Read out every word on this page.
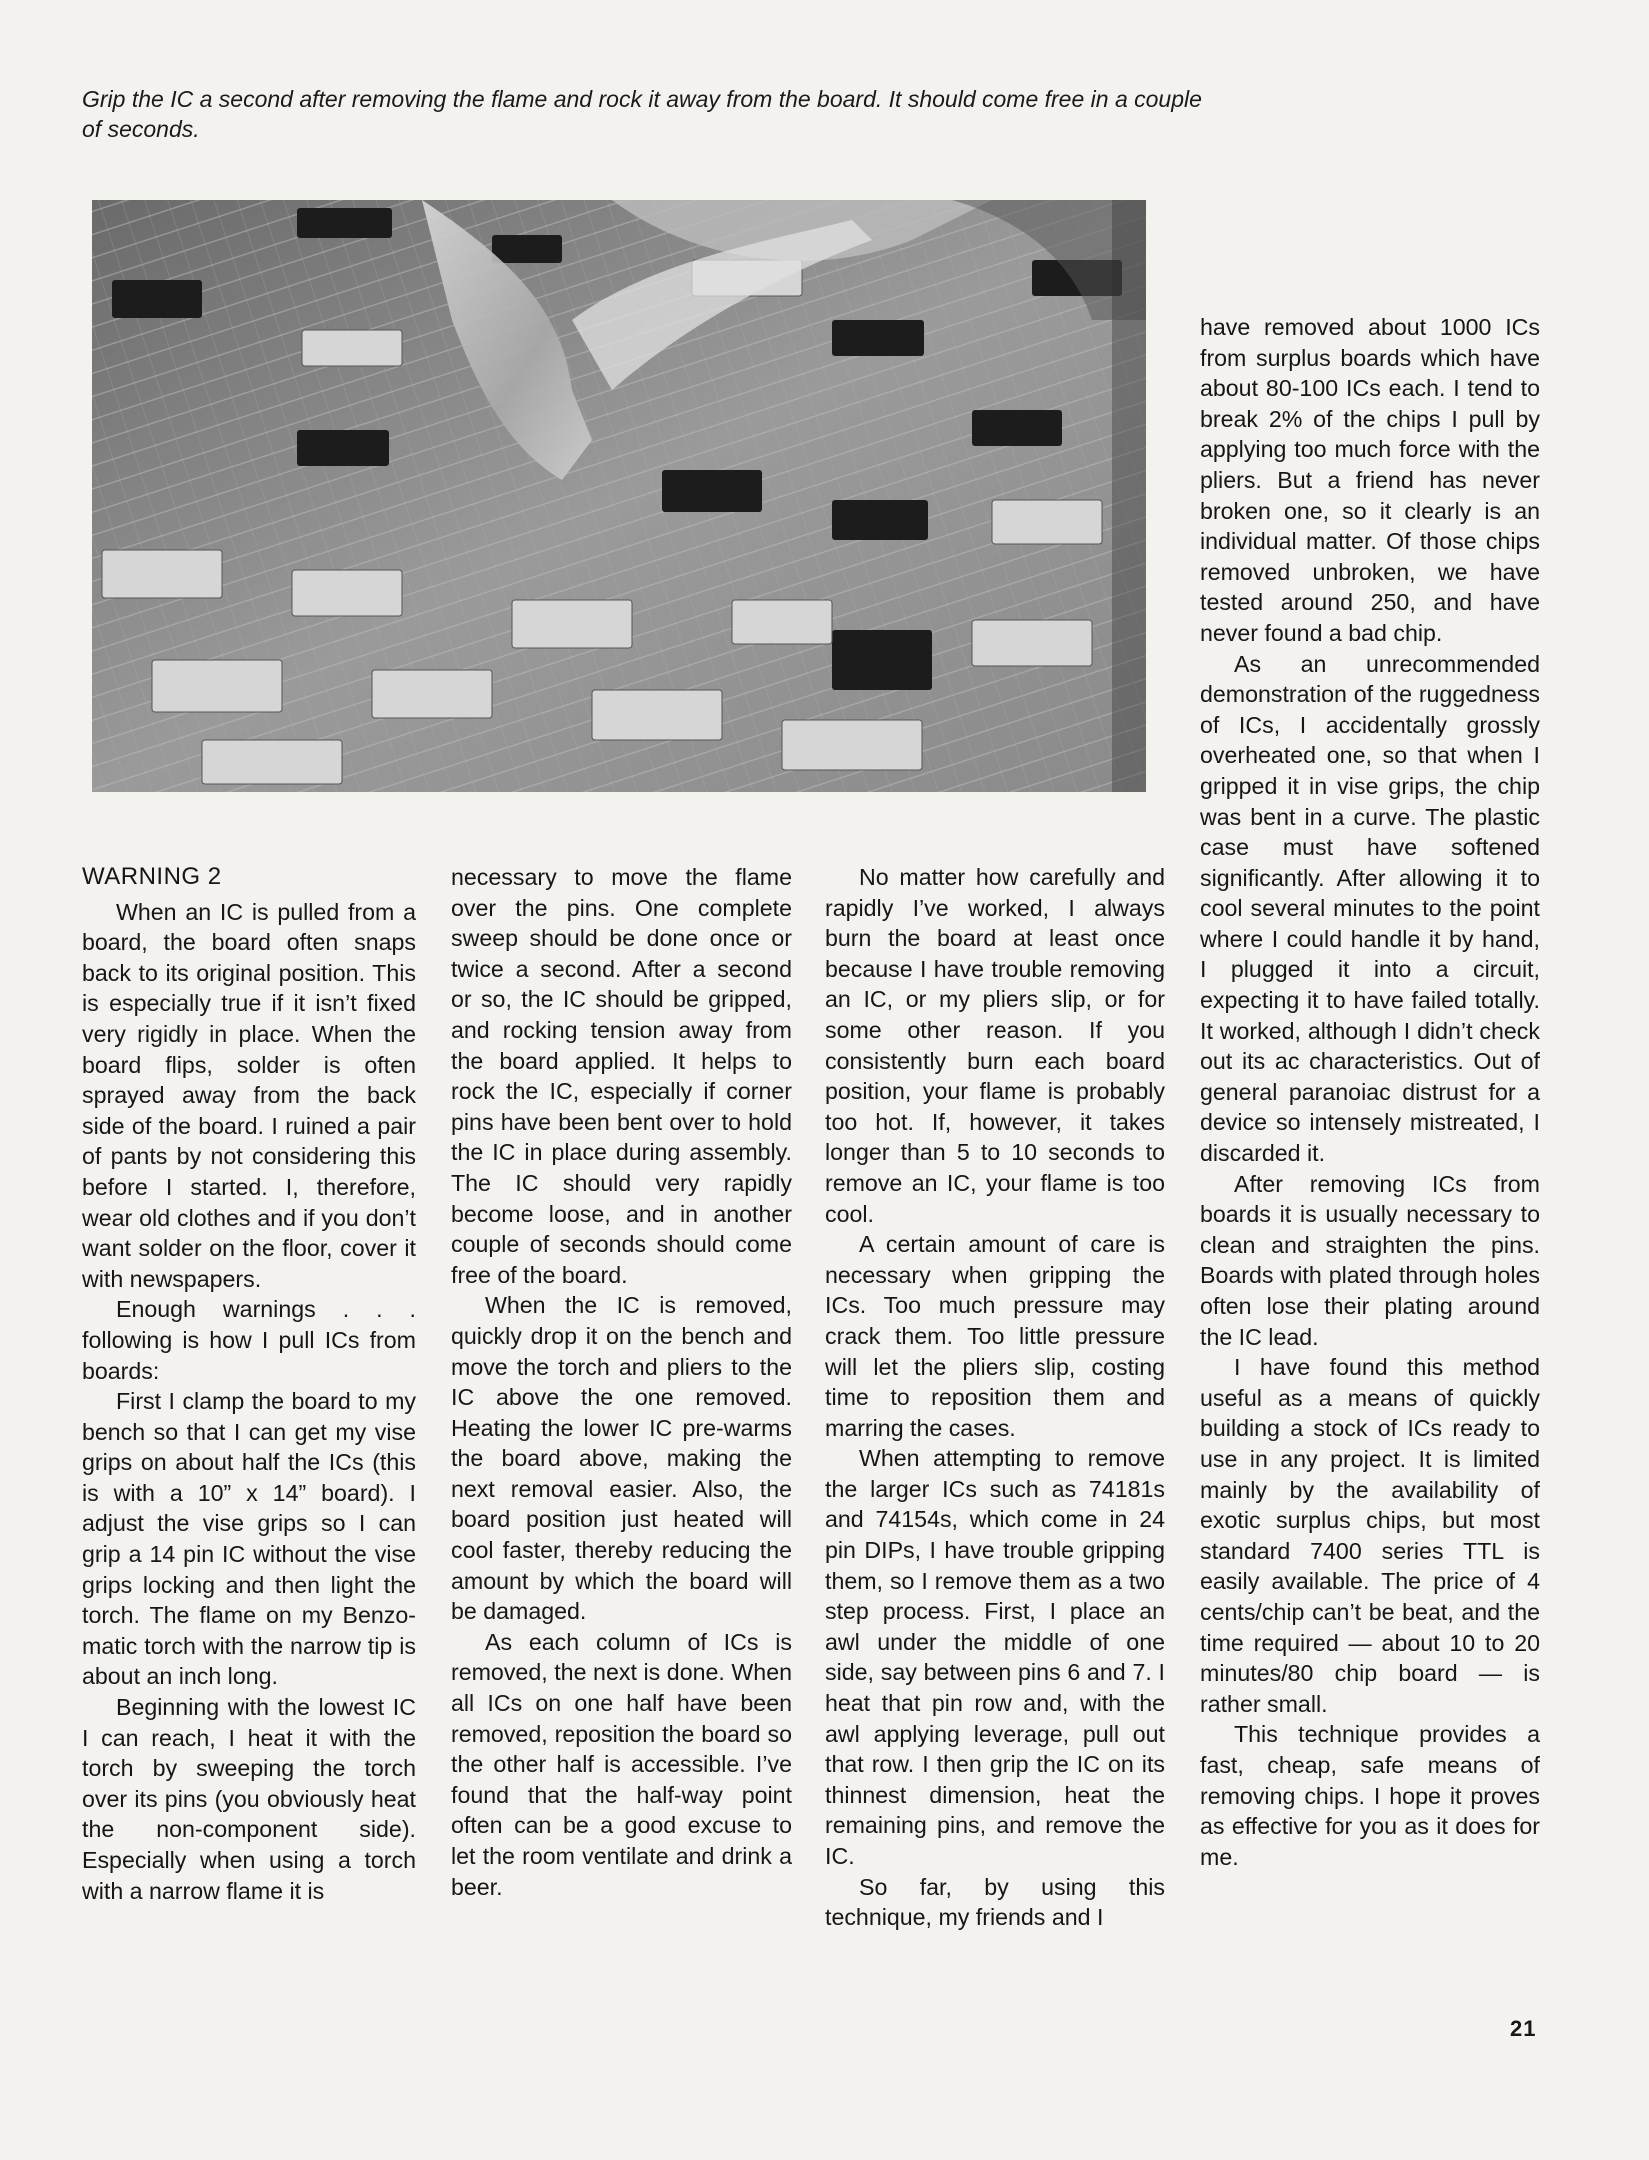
Grip the IC a second after removing the flame and rock it away from the board. It should come free in a couple of seconds.

WARNING 2

When an IC is pulled from a board, the board often snaps back to its original position. This is especially true if it isn’t fixed very rigidly in place. When the board flips, solder is often sprayed away from the back side of the board. I ruined a pair of pants by not considering this before I started. I, therefore, wear old clothes and if you don’t want solder on the floor, cover it with newspapers.

Enough warnings . . . following is how I pull ICs from boards:

First I clamp the board to my bench so that I can get my vise grips on about half the ICs (this is with a 10” x 14” board). I adjust the vise grips so I can grip a 14 pin IC without the vise grips locking and then light the torch. The flame on my Benzo-matic torch with the narrow tip is about an inch long.

Beginning with the lowest IC I can reach, I heat it with the torch by sweeping the torch over its pins (you obviously heat the non-component side). Especially when using a torch with a narrow flame it is

necessary to move the flame over the pins. One complete sweep should be done once or twice a second. After a second or so, the IC should be gripped, and rocking tension away from the board applied. It helps to rock the IC, especially if corner pins have been bent over to hold the IC in place during assembly. The IC should very rapidly become loose, and in another couple of seconds should come free of the board.

When the IC is removed, quickly drop it on the bench and move the torch and pliers to the IC above the one removed. Heating the lower IC pre-warms the board above, making the next removal easier. Also, the board position just heated will cool faster, thereby reducing the amount by which the board will be damaged.

As each column of ICs is removed, the next is done. When all ICs on one half have been removed, reposition the board so the other half is accessible. I’ve found that the half-way point often can be a good excuse to let the room ventilate and drink a beer.

No matter how carefully and rapidly I’ve worked, I always burn the board at least once because I have trouble removing an IC, or my pliers slip, or for some other reason. If you consistently burn each board position, your flame is probably too hot. If, however, it takes longer than 5 to 10 seconds to remove an IC, your flame is too cool.

A certain amount of care is necessary when gripping the ICs. Too much pressure may crack them. Too little pressure will let the pliers slip, costing time to reposition them and marring the cases.

When attempting to remove the larger ICs such as 74181s and 74154s, which come in 24 pin DIPs, I have trouble gripping them, so I remove them as a two step process. First, I place an awl under the middle of one side, say between pins 6 and 7. I heat that pin row and, with the awl applying leverage, pull out that row. I then grip the IC on its thinnest dimension, heat the remaining pins, and remove the IC.

So far, by using this technique, my friends and I

have removed about 1000 ICs from surplus boards which have about 80-100 ICs each. I tend to break 2% of the chips I pull by applying too much force with the pliers. But a friend has never broken one, so it clearly is an individual matter. Of those chips removed unbroken, we have tested around 250, and have never found a bad chip.

As an unrecommended demonstration of the ruggedness of ICs, I accidentally grossly overheated one, so that when I gripped it in vise grips, the chip was bent in a curve. The plastic case must have softened significantly. After allowing it to cool several minutes to the point where I could handle it by hand, I plugged it into a circuit, expecting it to have failed totally. It worked, although I didn’t check out its ac characteristics. Out of general paranoiac distrust for a device so intensely mistreated, I discarded it.

After removing ICs from boards it is usually necessary to clean and straighten the pins. Boards with plated through holes often lose their plating around the IC lead.

I have found this method useful as a means of quickly building a stock of ICs ready to use in any project. It is limited mainly by the availability of exotic surplus chips, but most standard 7400 series TTL is easily available. The price of 4 cents/chip can’t be beat, and the time required — about 10 to 20 minutes/80 chip board — is rather small.

This technique provides a fast, cheap, safe means of removing chips. I hope it proves as effective for you as it does for me.

21
